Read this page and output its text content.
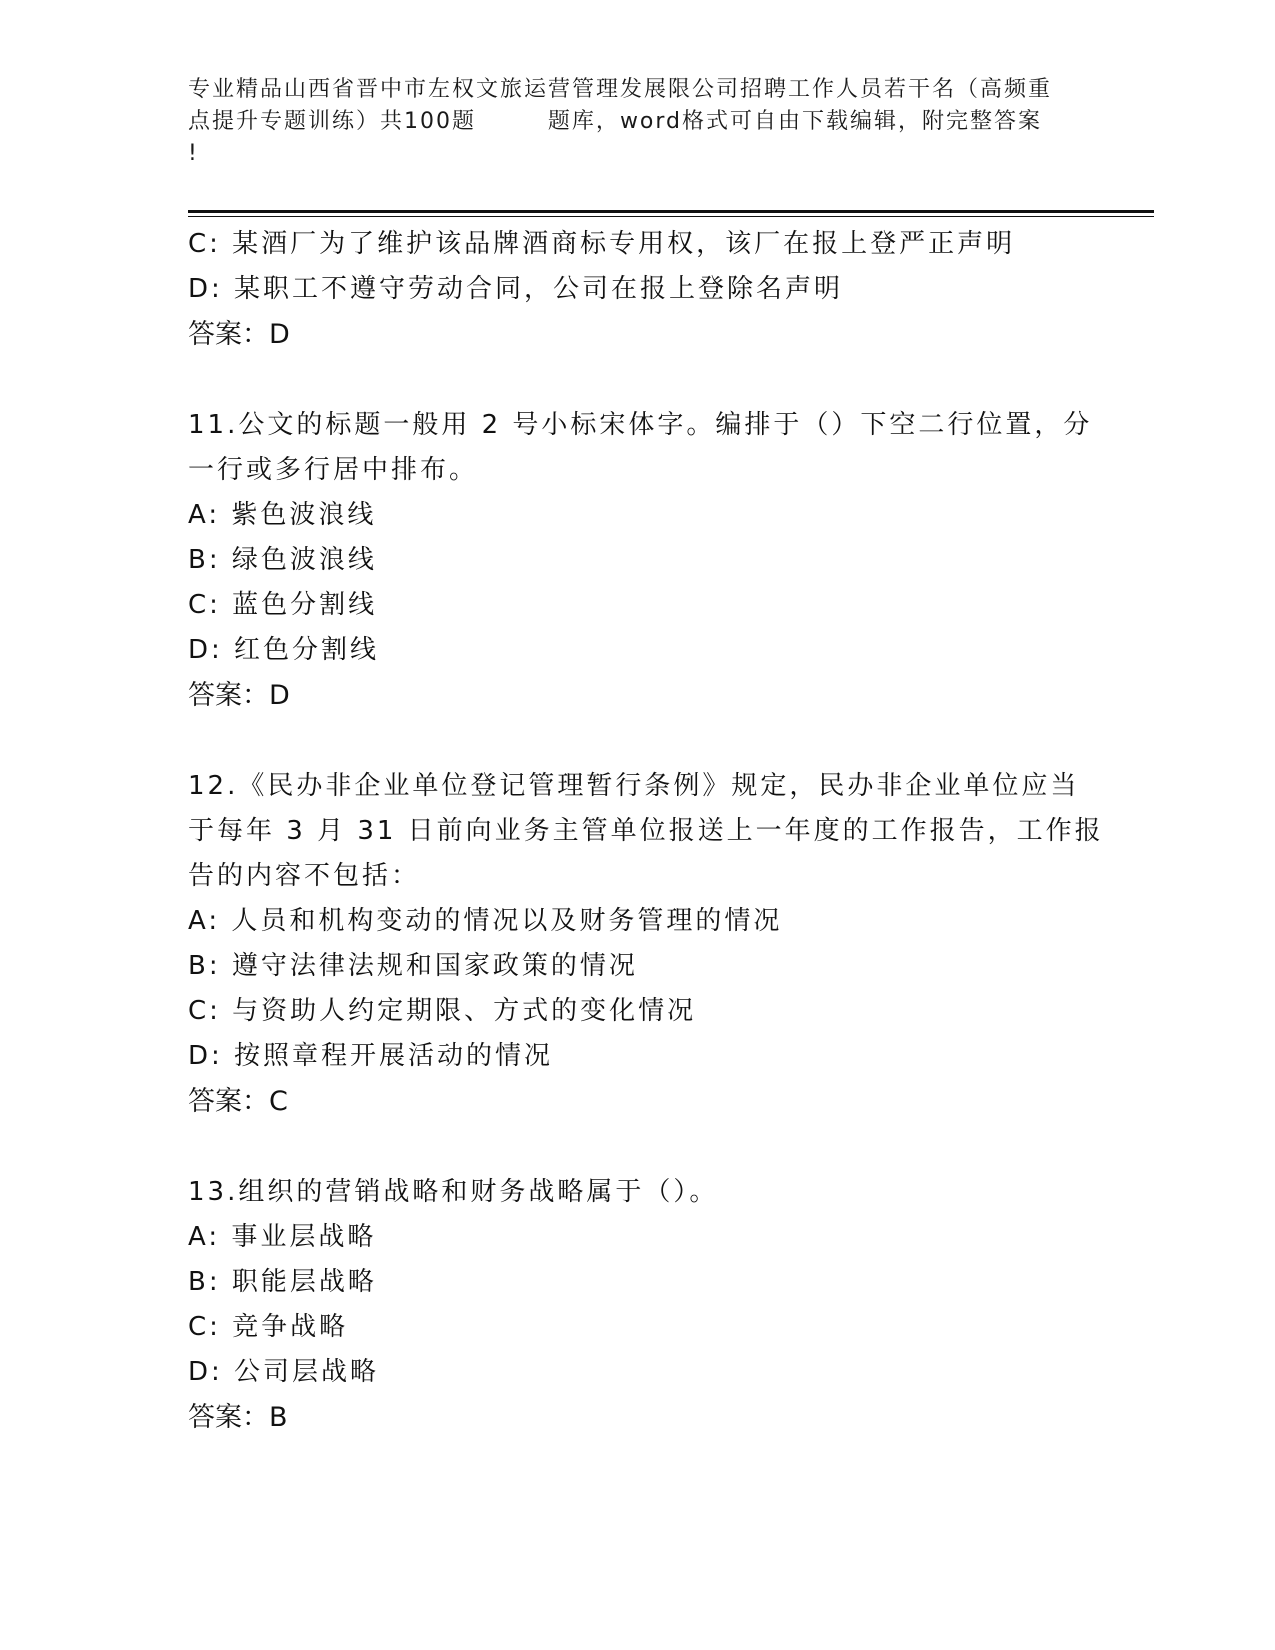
专业精品山西省晋中市左权文旅运营管理发展限公司招聘工作人员若干名（高频重
点提升专题训练）共100题        题库，word格式可自由下载编辑，附完整答案
!
C: 某酒厂为了维护该品牌酒商标专用权，该厂在报上登严正声明
D: 某职工不遵守劳动合同，公司在报上登除名声明
答案：D
11.公文的标题一般用 2 号小标宋体字。编排于（）下空二行位置，分
一行或多行居中排布。
A: 紫色波浪线
B: 绿色波浪线
C: 蓝色分割线
D: 红色分割线
答案：D
12.《民办非企业单位登记管理暂行条例》规定，民办非企业单位应当
于每年 3 月 31 日前向业务主管单位报送上一年度的工作报告，工作报
告的内容不包括：
A: 人员和机构变动的情况以及财务管理的情况
B: 遵守法律法规和国家政策的情况
C: 与资助人约定期限、方式的变化情况
D: 按照章程开展活动的情况
答案：C
13.组织的营销战略和财务战略属于（）。
A: 事业层战略
B: 职能层战略
C: 竞争战略
D: 公司层战略
答案：B
